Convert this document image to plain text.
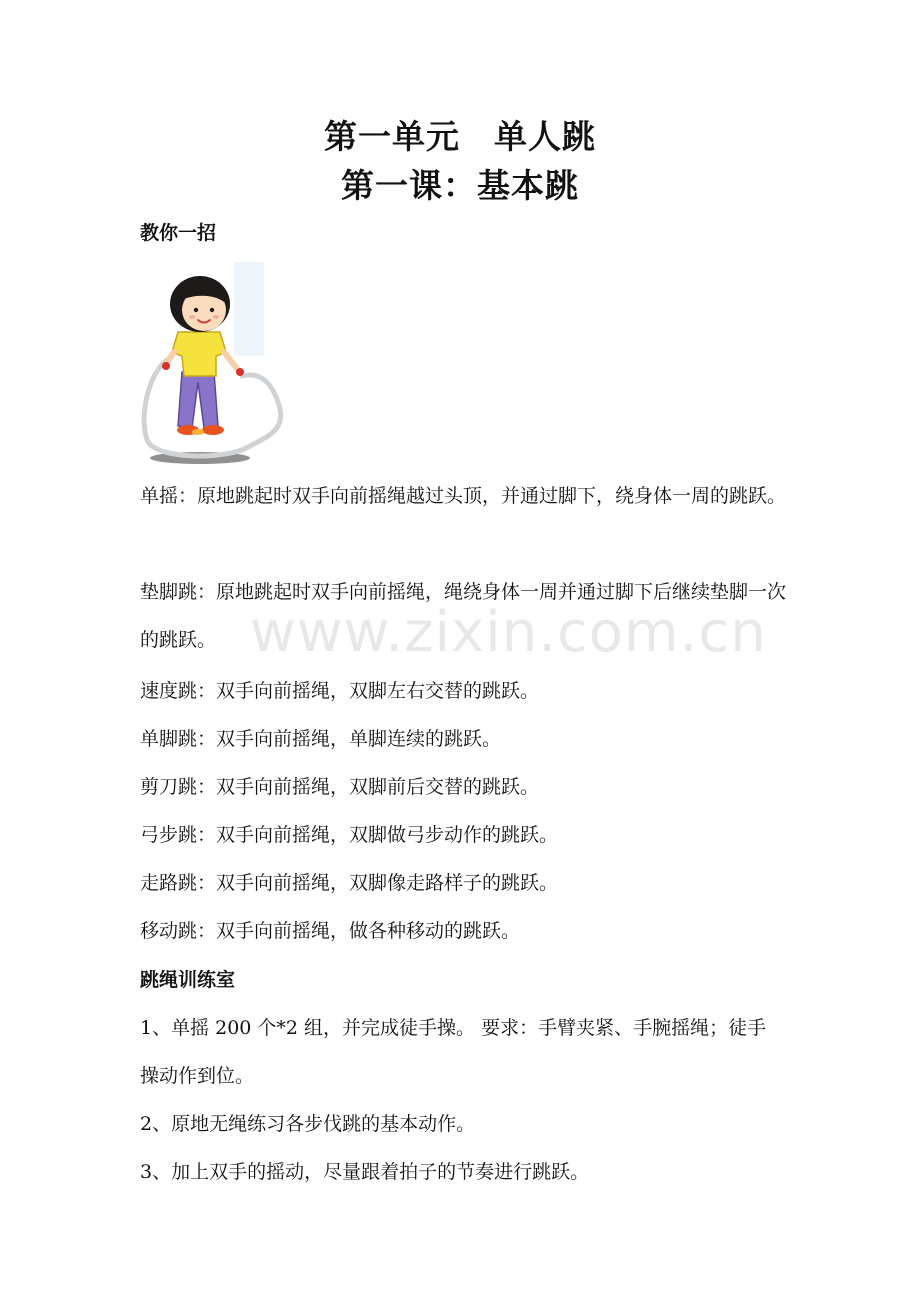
第一单元　单人跳
第一课：基本跳
教你一招
单摇：原地跳起时双手向前摇绳越过头顶，并通过脚下，绕身体一周的跳跃。
垫脚跳：原地跳起时双手向前摇绳，绳绕身体一周并通过脚下后继续垫脚一次的跳跃。
速度跳：双手向前摇绳，双脚左右交替的跳跃。
单脚跳：双手向前摇绳，单脚连续的跳跃。
剪刀跳：双手向前摇绳，双脚前后交替的跳跃。
弓步跳：双手向前摇绳，双脚做弓步动作的跳跃。
走路跳：双手向前摇绳，双脚像走路样子的跳跃。
移动跳：双手向前摇绳，做各种移动的跳跃。
跳绳训练室
1、单摇 200 个*2 组，并完成徒手操。 要求：手臂夹紧、手腕摇绳；徒手操动作到位。
2、原地无绳练习各步伐跳的基本动作。
3、加上双手的摇动，尽量跟着拍子的节奏进行跳跃。
www.zixin.com.cn
